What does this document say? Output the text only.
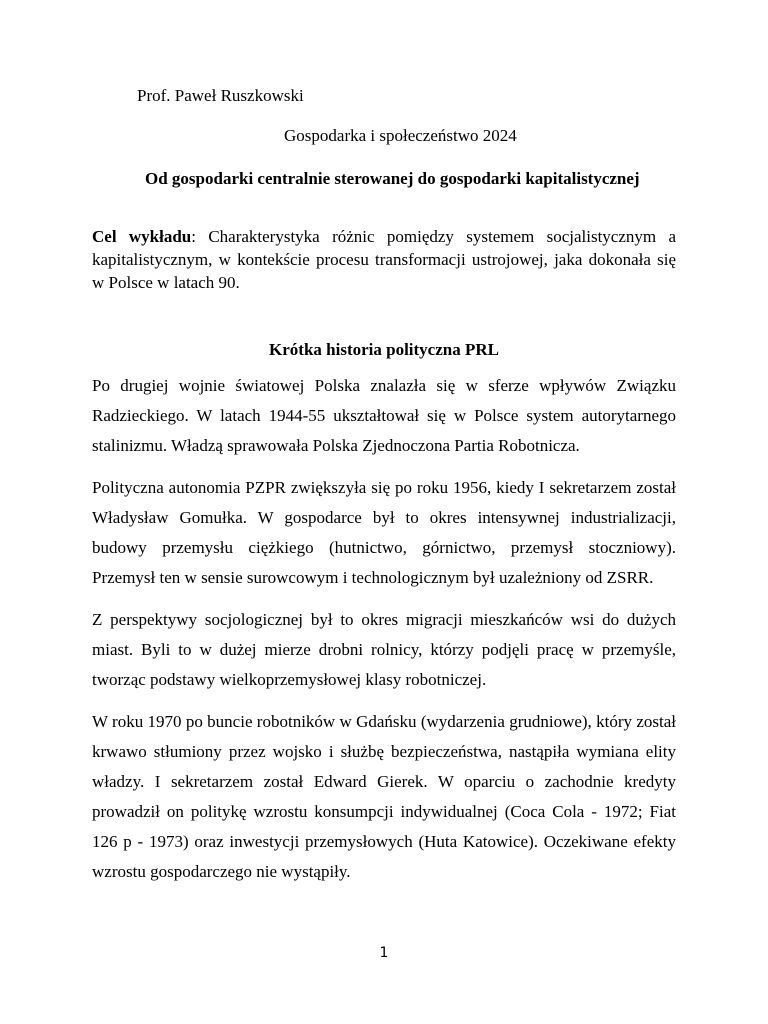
Prof. Paweł Ruszkowski
Gospodarka i społeczeństwo 2024
Od gospodarki centralnie sterowanej do gospodarki kapitalistycznej
Cel wykładu: Charakterystyka różnic pomiędzy systemem socjalistycznym a kapitalistycznym, w kontekście procesu transformacji ustrojowej, jaka dokonała się w Polsce w latach 90.
Krótka historia polityczna PRL

Po drugiej wojnie światowej Polska znalazła się w sferze wpływów Związku Radzieckiego. W latach 1944-55 ukształtował się w Polsce system autorytarnego stalinizmu. Władzą sprawowała Polska Zjednoczona Partia Robotnicza.

Polityczna autonomia PZPR zwiększyła się po roku 1956, kiedy I sekretarzem został Władysław Gomułka. W gospodarce był to okres intensywnej industrializacji, budowy przemysłu ciężkiego (hutnictwo, górnictwo, przemysł stoczniowy). Przemysł ten w sensie surowcowym i technologicznym był uzależniony od ZSRR.

Z perspektywy socjologicznej był to okres migracji mieszkańców wsi do dużych miast. Byli to w dużej mierze drobni rolnicy, którzy podjęli pracę w przemyśle, tworząc podstawy wielkoprzemysłowej klasy robotniczej.

W roku 1970 po buncie robotników w Gdańsku (wydarzenia grudniowe), który został krwawo stłumiony przez wojsko i służbę bezpieczeństwa, nastąpiła wymiana elity władzy. I sekretarzem został Edward Gierek. W oparciu o zachodnie kredyty prowadził on politykę wzrostu konsumpcji indywidualnej (Coca Cola - 1972; Fiat 126 p - 1973) oraz inwestycji przemysłowych (Huta Katowice). Oczekiwane efekty wzrostu gospodarczego nie wystąpiły.

1
